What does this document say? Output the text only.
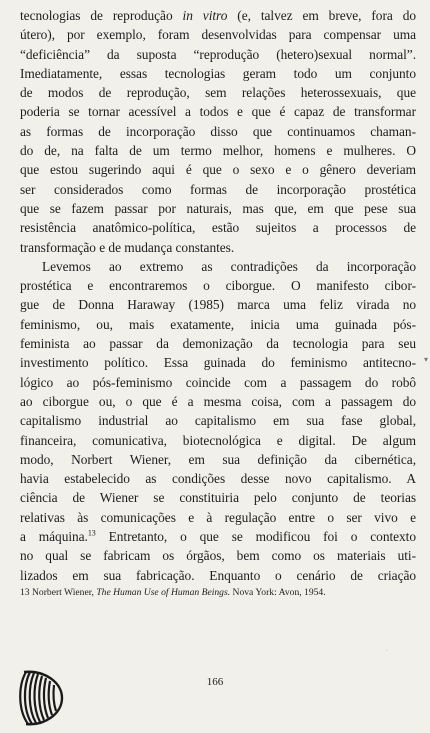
tecnologias de reprodução in vitro (e, talvez em breve, fora do
útero), por exemplo, foram desenvolvidas para compensar uma
“deficiência” da suposta “reprodução (hetero)sexual normal”.
Imediatamente, essas tecnologias geram todo um conjunto
de modos de reprodução, sem relações heterossexuais, que
poderia se tornar acessível a todos e que é capaz de transformar
as formas de incorporação disso que continuamos chaman-
do de, na falta de um termo melhor, homens e mulheres. O
que estou sugerindo aqui é que o sexo e o gênero deveriam
ser considerados como formas de incorporação prostética
que se fazem passar por naturais, mas que, em que pese sua
resistência anatômico-política, estão sujeitos a processos de
transformação e de mudança constantes.
Levemos ao extremo as contradições da incorporação
prostética e encontraremos o ciborgue. O manifesto cibor-
gue de Donna Haraway (1985) marca uma feliz virada no
feminismo, ou, mais exatamente, inicia uma guinada pós-
feminista ao passar da demonização da tecnologia para seu
investimento político. Essa guinada do feminismo antitecno-
lógico ao pós-feminismo coincide com a passagem do robô
ao ciborgue ou, o que é a mesma coisa, com a passagem do
capitalismo industrial ao capitalismo em sua fase global,
financeira, comunicativa, biotecnológica e digital. De algum
modo, Norbert Wiener, em sua definição da cibernética,
havia estabelecido as condições desse novo capitalismo. A
ciência de Wiener se constituiria pelo conjunto de teorias
relativas às comunicações e à regulação entre o ser vivo e
a máquina.$^{13}$ Entretanto, o que se modificou foi o contexto
no qual se fabricam os órgãos, bem como os materiais uti-
lizados em sua fabricação. Enquanto o cenário de criação
13 Norbert Wiener, The Human Use of Human Beings. Nova York: Avon, 1954.
▾
·
166
